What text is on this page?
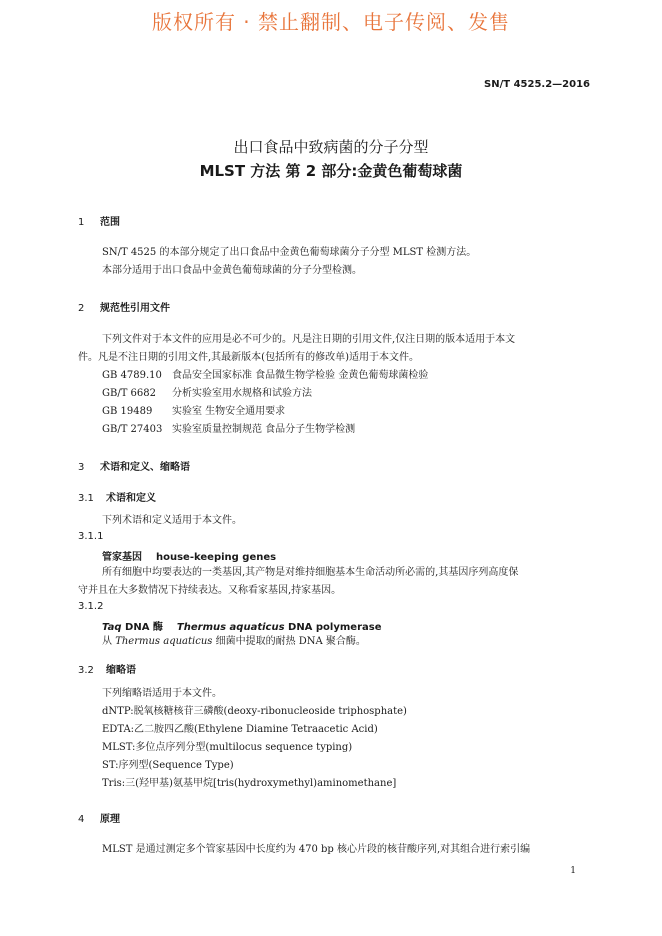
版权所有 · 禁止翻制、电子传阅、发售
SN/T 4525.2—2016
出口食品中致病菌的分子分型
MLST 方法 第 2 部分:金黄色葡萄球菌
1 范围
SN/T 4525 的本部分规定了出口食品中金黄色葡萄球菌分子分型 MLST 检测方法。
本部分适用于出口食品中金黄色葡萄球菌的分子分型检测。
2 规范性引用文件
下列文件对于本文件的应用是必不可少的。凡是注日期的引用文件,仅注日期的版本适用于本文
件。凡是不注日期的引用文件,其最新版本(包括所有的修改单)适用于本文件。
GB 4789.10 食品安全国家标准 食品微生物学检验 金黄色葡萄球菌检验
GB/T 6682 分析实验室用水规格和试验方法
GB 19489 实验室 生物安全通用要求
GB/T 27403 实验室质量控制规范 食品分子生物学检测
3 术语和定义、缩略语
3.1 术语和定义
下列术语和定义适用于本文件。
3.1.1
管家基因 house-keeping genes
所有细胞中均要表达的一类基因,其产物是对维持细胞基本生命活动所必需的,其基因序列高度保
守并且在大多数情况下持续表达。又称看家基因,持家基因。
3.1.2
Taq DNA 酶 Thermus aquaticus DNA polymerase
从 Thermus aquaticus 细菌中提取的耐热 DNA 聚合酶。
3.2 缩略语
下列缩略语适用于本文件。
dNTP:脱氧核糖核苷三磷酸(deoxy-ribonucleoside triphosphate)
EDTA:乙二胺四乙酸(Ethylene Diamine Tetraacetic Acid)
MLST:多位点序列分型(multilocus sequence typing)
ST:序列型(Sequence Type)
Tris:三(羟甲基)氨基甲烷[tris(hydroxymethyl)aminomethane]
4 原理
MLST 是通过测定多个管家基因中长度约为 470 bp 核心片段的核苷酸序列,对其组合进行索引编
1
